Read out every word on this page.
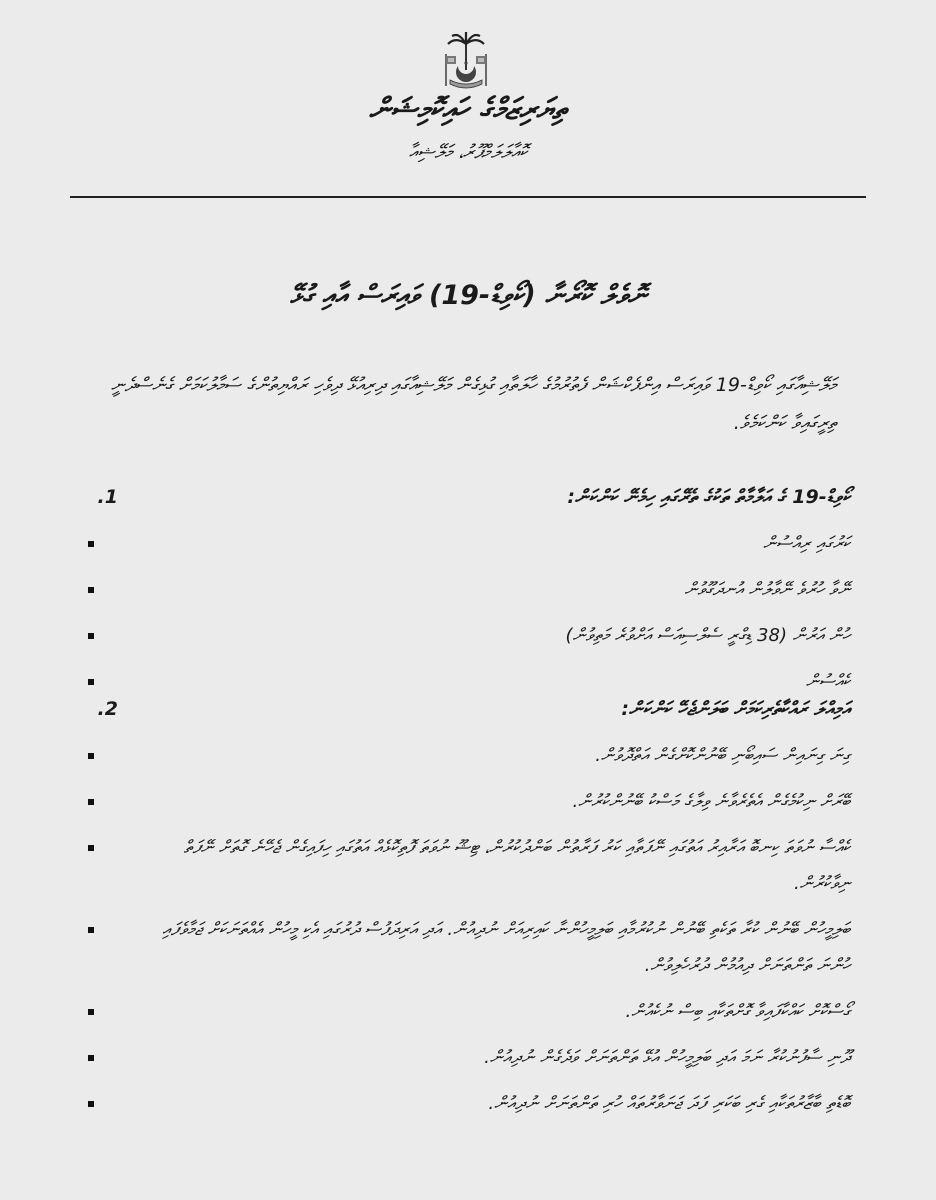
ތިޔަރިޒަމްގެ ހައިކޮމިޝަން
ކޮއާލަލަމްޕޫރު، މަލޭޝިއާ
ނޮވެލް ކޮރޯނާ (ކޯވިޑް-19) ވައިރަސް އާއި ގުޅޭ
މަލޭޝިއާގައި ކޯވިޑް-19 ވައިރަސް އިންފެކްޝަން ފެތުރުމުގެ ހާލަތާއި ގުޅިގެން މަލޭޝިއާގައި ދިރިއުޅޭ ދިވެހި ރައްޔިތުންގެ ސަމާލުކަމަށް ގެނެސްދެނީ ތިރީގައިވާ ކަންކަމެވެ.
1.	ކޯވިޑް-19 ގެ އަލާމާތް ތަކުގެ ތެރޭގައި ހިމެނޭ ކަންކަން:
ކަރުގައި ރިއްސުން
ނޭވާ ހުރުވެ ނޭވާލުން އުނދަގޫވުން
ހުން އަރުން (38 ޑިގްރީ ސެލްސިއަސް އަށްވުރެ މަތިވުން)
ކެއްސުން
2.	އަމިއްލަ ރައްކާތެރިކަމަށް ބަލަންޖެހޭ ކަންކަން:
ގިނަ ގިނައިން ސައިބޯނި ބޭނުންކޮށްގެން އަތްދޮވުން.
ބޭރަށް ނިކުމެގެން އެތެރެވާނެ ވިލާގެ މަސްކު ބޭނުންކުރުން.
ކެއްސާ ނުވަތަ ކިނބޮ އަރާއިރު އަތުގައި ނޭފަތާއި ކަރު ފަރާތުން ބަންދުކުރުން، ޓިޝޫ ނުވަތަ ފޮތިކޮޅެއް އަތުގައި ހިފައިގެން ޖެހޭނެ ގޮތަށް ނޭފަތް ނިވާކުރުން.
ބަލިމީހުން ބޭނުން ކުރާ ތަކެތި ބޭނުން ނުކުރުމާއި ބަލިމީހުންނާ ކައިރިއަށް ނުދިއުން. އަދި އަރިދަފުސް ދުރުގައި އެކި މީހުން އެއްތަނަކަށް ޖަމާވެފައި ހުންނަ ތަންތަނަށް ދިއުމުން ދުރުހެލިވުން.
ގޯސްކޮށް ކައްކާފައިވާ ގޮށްތަކާއި ބިސް ނުކެއުން.
ދޫނި ސާފުނުކުރާ ނަމަ އަދި ބަލިމީހުން އުޅޭ ތަންތަނަށް ވަދެގެން ނުދިއުން.
ބޮޑެތި ބާޒާރުތަކާއި ގެރި ބަކަރި ފަދަ ޖަނަވާރުތައް ހުރި ތަންތަނަށް ނުދިއުން.
